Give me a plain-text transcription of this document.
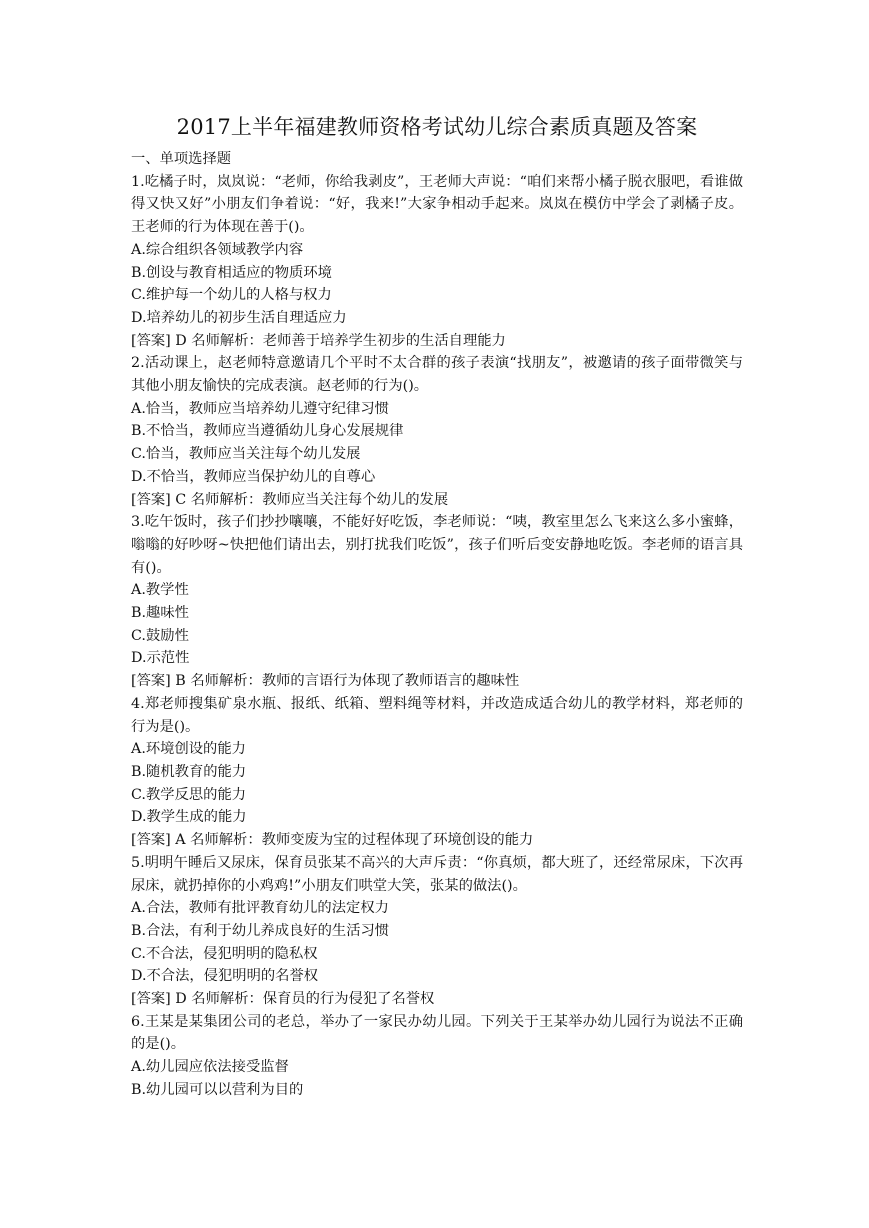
2017上半年福建教师资格考试幼儿综合素质真题及答案

一、单项选择题

1.吃橘子时，岚岚说：“老师，你给我剥皮”，王老师大声说：“咱们来帮小橘子脱衣服吧，看谁做得又快又好”小朋友们争着说：“好，我来!”大家争相动手起来。岚岚在模仿中学会了剥橘子皮。王老师的行为体现在善于()。

A.综合组织各领域教学内容

B.创设与教育相适应的物质环境

C.维护每一个幼儿的人格与权力

D.培养幼儿的初步生活自理适应力

[答案] D 名师解析：老师善于培养学生初步的生活自理能力

2.活动课上，赵老师特意邀请几个平时不太合群的孩子表演“找朋友”，被邀请的孩子面带微笑与其他小朋友愉快的完成表演。赵老师的行为()。

A.恰当，教师应当培养幼儿遵守纪律习惯

B.不恰当，教师应当遵循幼儿身心发展规律

C.恰当，教师应当关注每个幼儿发展

D.不恰当，教师应当保护幼儿的自尊心

[答案] C 名师解析：教师应当关注每个幼儿的发展

3.吃午饭时，孩子们抄抄嚷嚷，不能好好吃饭，李老师说：“咦，教室里怎么飞来这么多小蜜蜂，嗡嗡的好吵呀~快把他们请出去，别打扰我们吃饭”，孩子们听后变安静地吃饭。李老师的语言具有()。

A.教学性

B.趣味性

C.鼓励性

D.示范性

[答案] B 名师解析：教师的言语行为体现了教师语言的趣味性

4.郑老师搜集矿泉水瓶、报纸、纸箱、塑料绳等材料，并改造成适合幼儿的教学材料，郑老师的行为是()。

A.环境创设的能力

B.随机教育的能力

C.教学反思的能力

D.教学生成的能力

[答案] A 名师解析：教师变废为宝的过程体现了环境创设的能力

5.明明午睡后又尿床，保育员张某不高兴的大声斥责：“你真烦，都大班了，还经常尿床，下次再尿床，就扔掉你的小鸡鸡!”小朋友们哄堂大笑，张某的做法()。

A.合法，教师有批评教育幼儿的法定权力

B.合法，有利于幼儿养成良好的生活习惯

C.不合法，侵犯明明的隐私权

D.不合法，侵犯明明的名誉权

[答案] D 名师解析：保育员的行为侵犯了名誉权

6.王某是某集团公司的老总，举办了一家民办幼儿园。下列关于王某举办幼儿园行为说法不正确的是()。

A.幼儿园应依法接受监督

B.幼儿园可以以营利为目的
